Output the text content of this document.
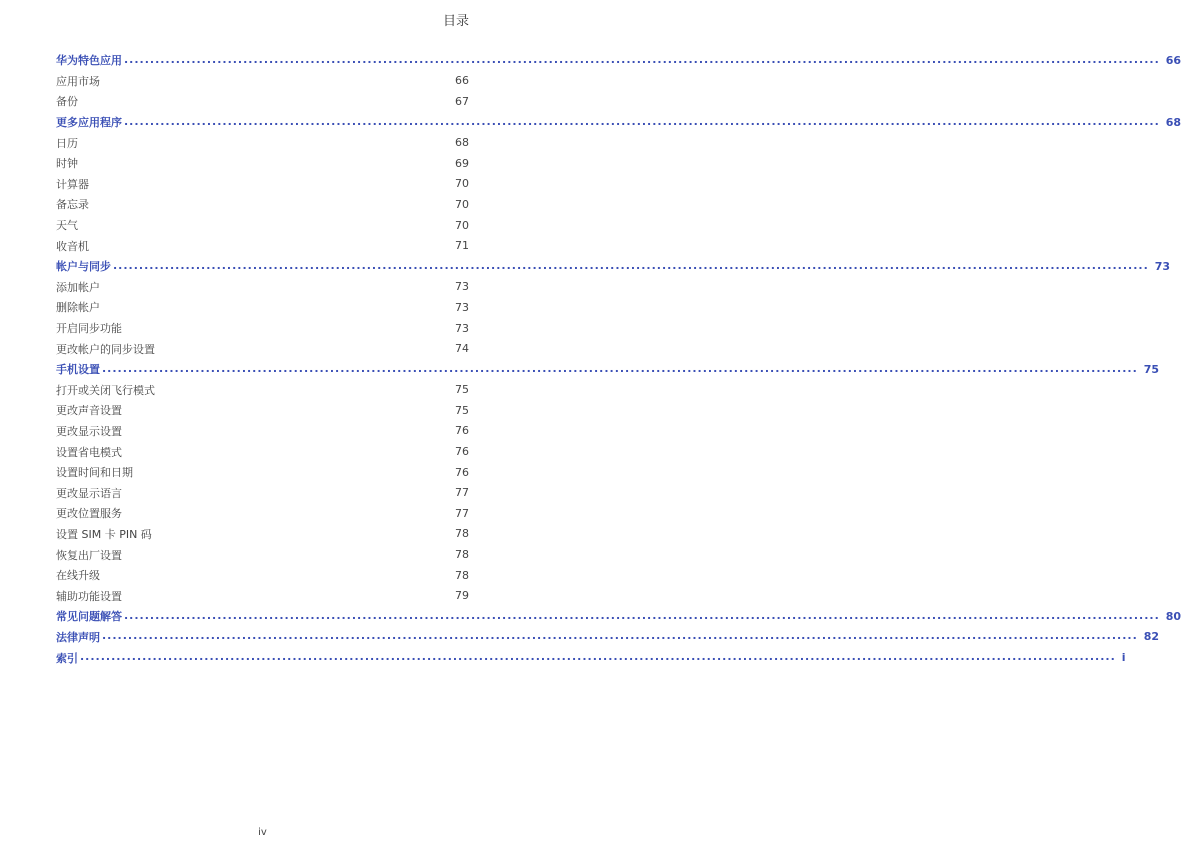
目录
华为特色应用 ........................................................................................................................................................................................................ 66
应用市场	66
备份	67
更多应用程序 ........................................................................................................................................................................................................ 68
日历	68
时钟	69
计算器	70
备忘录	70
天气	70
收音机	71
帐户与同步 ........................................................................................................................................................................................................ 73
添加帐户	73
删除帐户	73
开启同步功能	73
更改帐户的同步设置	74
手机设置 ........................................................................................................................................................................................................ 75
打开或关闭飞行模式	75
更改声音设置	75
更改显示设置	76
设置省电模式	76
设置时间和日期	76
更改显示语言	77
更改位置服务	77
设置 SIM 卡 PIN 码	78
恢复出厂设置	78
在线升级	78
辅助功能设置	79
常见问题解答 ........................................................................................................................................................................................................ 80
法律声明 ........................................................................................................................................................................................................ 82
索引 ........................................................................................................................................................................................................ i
iv
